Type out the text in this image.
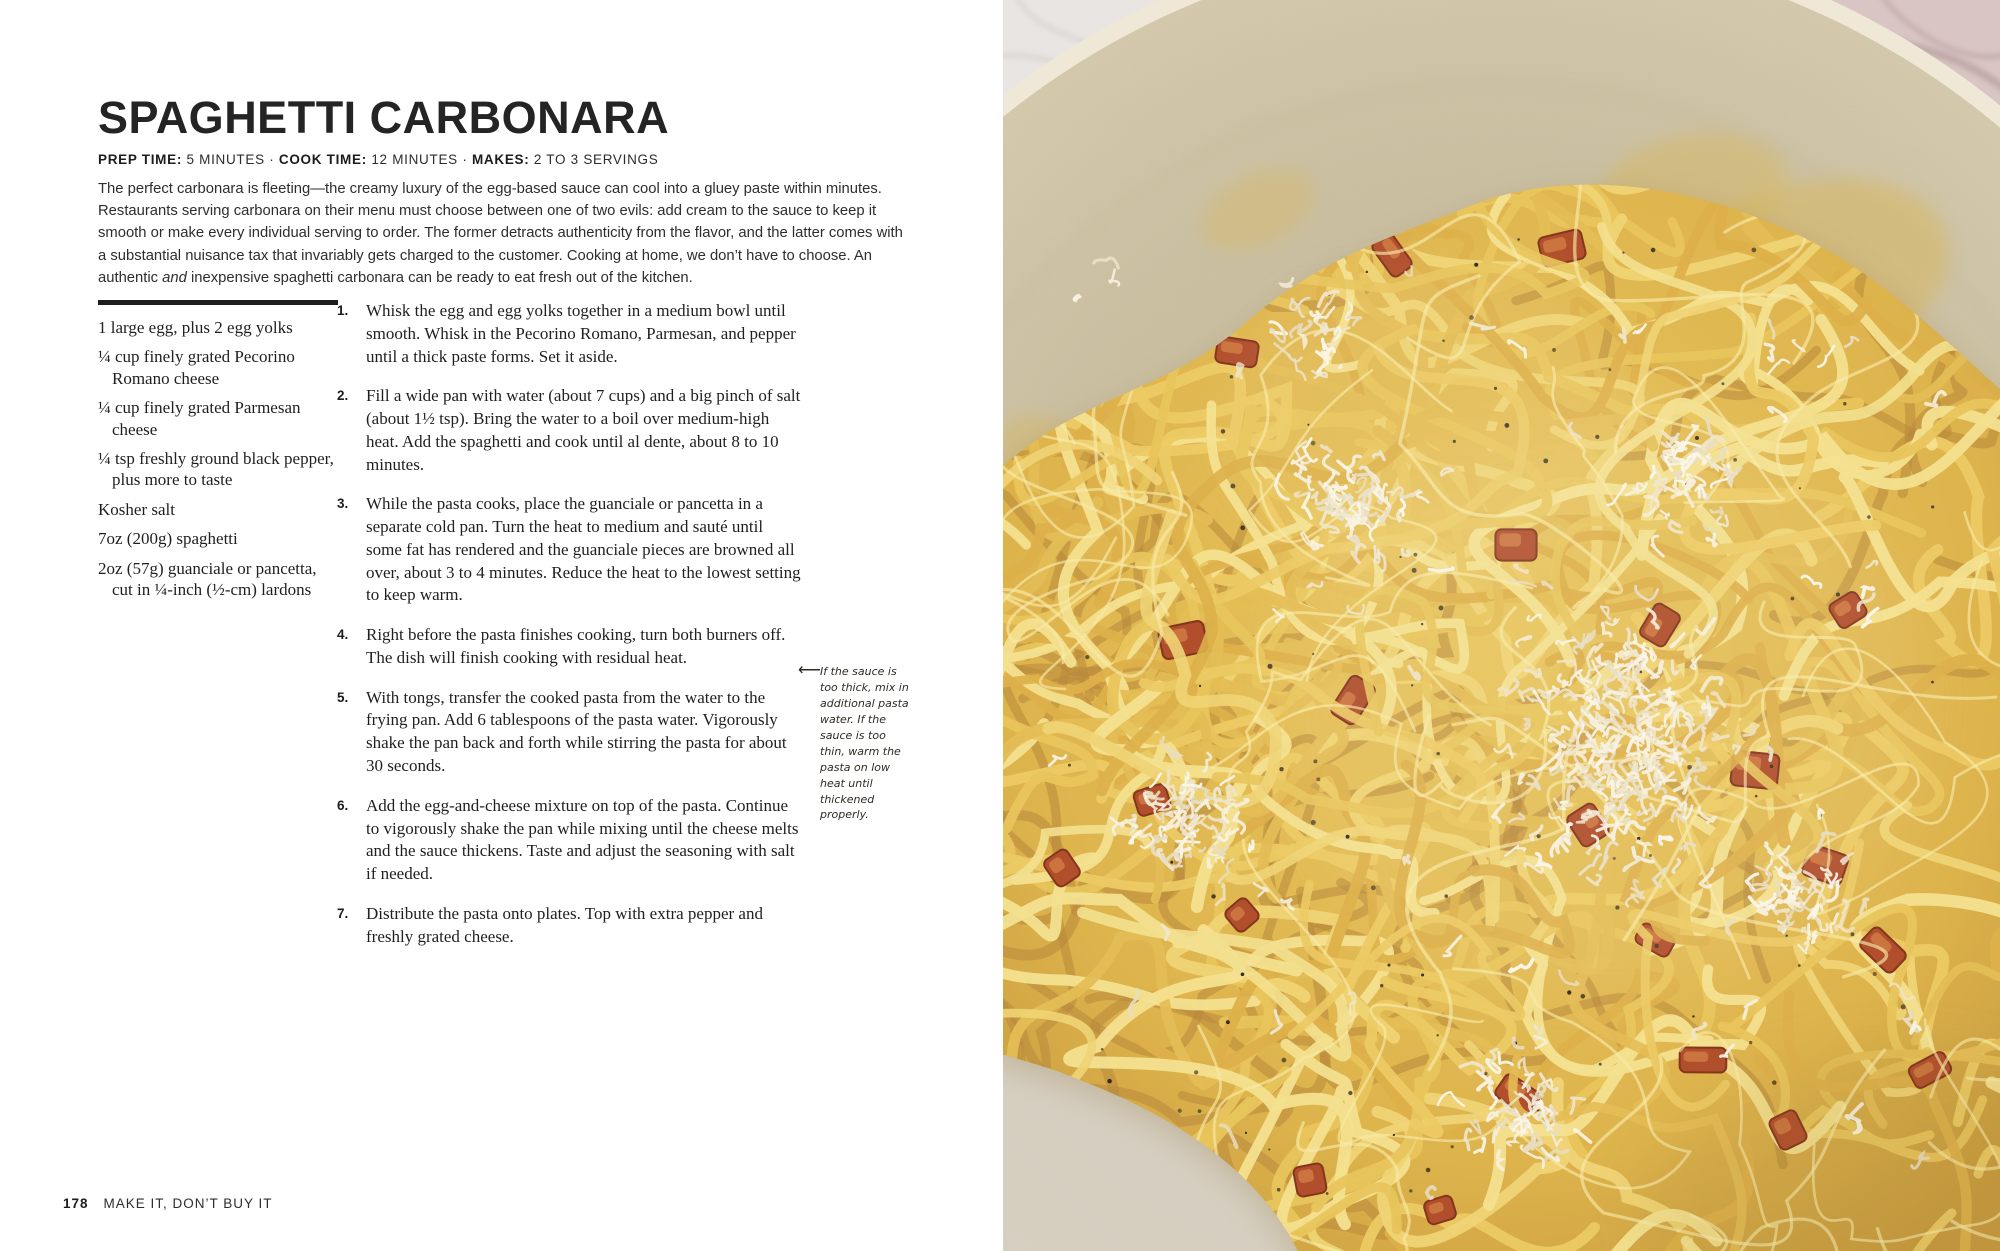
SPAGHETTI CARBONARA
PREP TIME: 5 MINUTES · COOK TIME: 12 MINUTES · MAKES: 2 TO 3 SERVINGS

The perfect carbonara is fleeting—the creamy luxury of the egg-based sauce can cool into a gluey paste within minutes. Restaurants serving carbonara on their menu must choose between one of two evils: add cream to the sauce to keep it smooth or make every individual serving to order. The former detracts authenticity from the flavor, and the latter comes with a substantial nuisance tax that invariably gets charged to the customer. Cooking at home, we don’t have to choose. An authentic and inexpensive spaghetti carbonara can be ready to eat fresh out of the kitchen.

1 large egg, plus 2 egg yolks
¼ cup finely grated Pecorino Romano cheese
¼ cup finely grated Parmesan cheese
¼ tsp freshly ground black pepper, plus more to taste
Kosher salt
7oz (200g) spaghetti
2oz (57g) guanciale or pancetta, cut in ¼-inch (½-cm) lardons
1.	Whisk the egg and egg yolks together in a medium bowl until smooth. Whisk in the Pecorino Romano, Parmesan, and pepper until a thick paste forms. Set it aside.
2.	Fill a wide pan with water (about 7 cups) and a big pinch of salt (about 1½ tsp). Bring the water to a boil over medium-high heat. Add the spaghetti and cook until al dente, about 8 to 10 minutes.
3.	While the pasta cooks, place the guanciale or pancetta in a separate cold pan. Turn the heat to medium and sauté until some fat has rendered and the guanciale pieces are browned all over, about 3 to 4 minutes. Reduce the heat to the lowest setting to keep warm.
4.	Right before the pasta finishes cooking, turn both burners off. The dish will finish cooking with residual heat.
5.	With tongs, transfer the cooked pasta from the water to the frying pan. Add 6 tablespoons of the pasta water. Vigorously shake the pan back and forth while stirring the pasta for about 30 seconds.
6.	Add the egg-and-cheese mixture on top of the pasta. Continue to vigorously shake the pan while mixing until the cheese melts and the sauce thickens. Taste and adjust the seasoning with salt if needed.
7.	Distribute the pasta onto plates. Top with extra pepper and freshly grated cheese.
⟵ If the sauce is too thick, mix in additional pasta water. If the sauce is too thin, warm the pasta on low heat until thickened properly.
178 MAKE IT, DON’T BUY IT
